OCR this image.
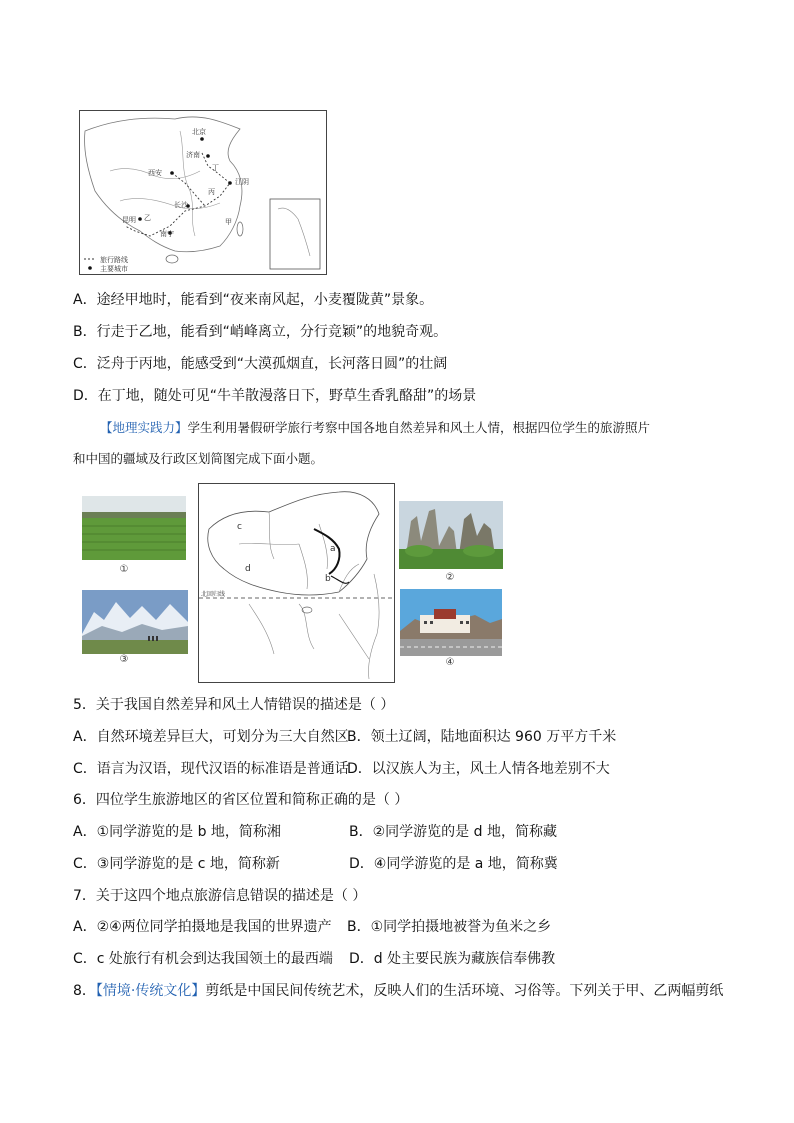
北京
济南
丁
江阴
西安
丙
长沙
昆明 乙	甲
南宁
旅行路线
主要城市
A．途经甲地时，能看到“夜来南风起，小麦覆陇黄”景象。
B．行走于乙地，能看到“峭峰离立，分行竞颖”的地貌奇观。
C．泛舟于丙地，能感受到“大漠孤烟直，长河落日圆”的壮阔
D．在丁地，随处可见“牛羊散漫落日下，野草生香乳酪甜”的场景
【地理实践力】学生利用暑假研学旅行考察中国各地自然差异和风土人情，根据四位学生的旅游照片
和中国的疆域及行政区划简图完成下面小题。
①
②
③	④
c
d
a
b
北回归线
5．关于我国自然差异和风土人情错误的描述是（ ）
A．自然环境差异巨大，可划分为三大自然区
B．领土辽阔，陆地面积达 960 万平方千米
C．语言为汉语，现代汉语的标准语是普通话
D．以汉族人为主，风土人情各地差别不大
6．四位学生旅游地区的省区位置和简称正确的是（ ）
A．①同学游览的是 b 地，简称湘	B．②同学游览的是 d 地，简称藏
C．③同学游览的是 c 地，简称新	D．④同学游览的是 a 地，简称冀
7．关于这四个地点旅游信息错误的描述是（ ）
A．②④两位同学拍摄地是我国的世界遗产 B．①同学拍摄地被誉为鱼米之乡
C．c 处旅行有机会到达我国领土的最西端 D．d 处主要民族为藏族信奉佛教
8．【情境·传统文化】剪纸是中国民间传统艺术，反映人们的生活环境、习俗等。下列关于甲、乙两幅剪纸
